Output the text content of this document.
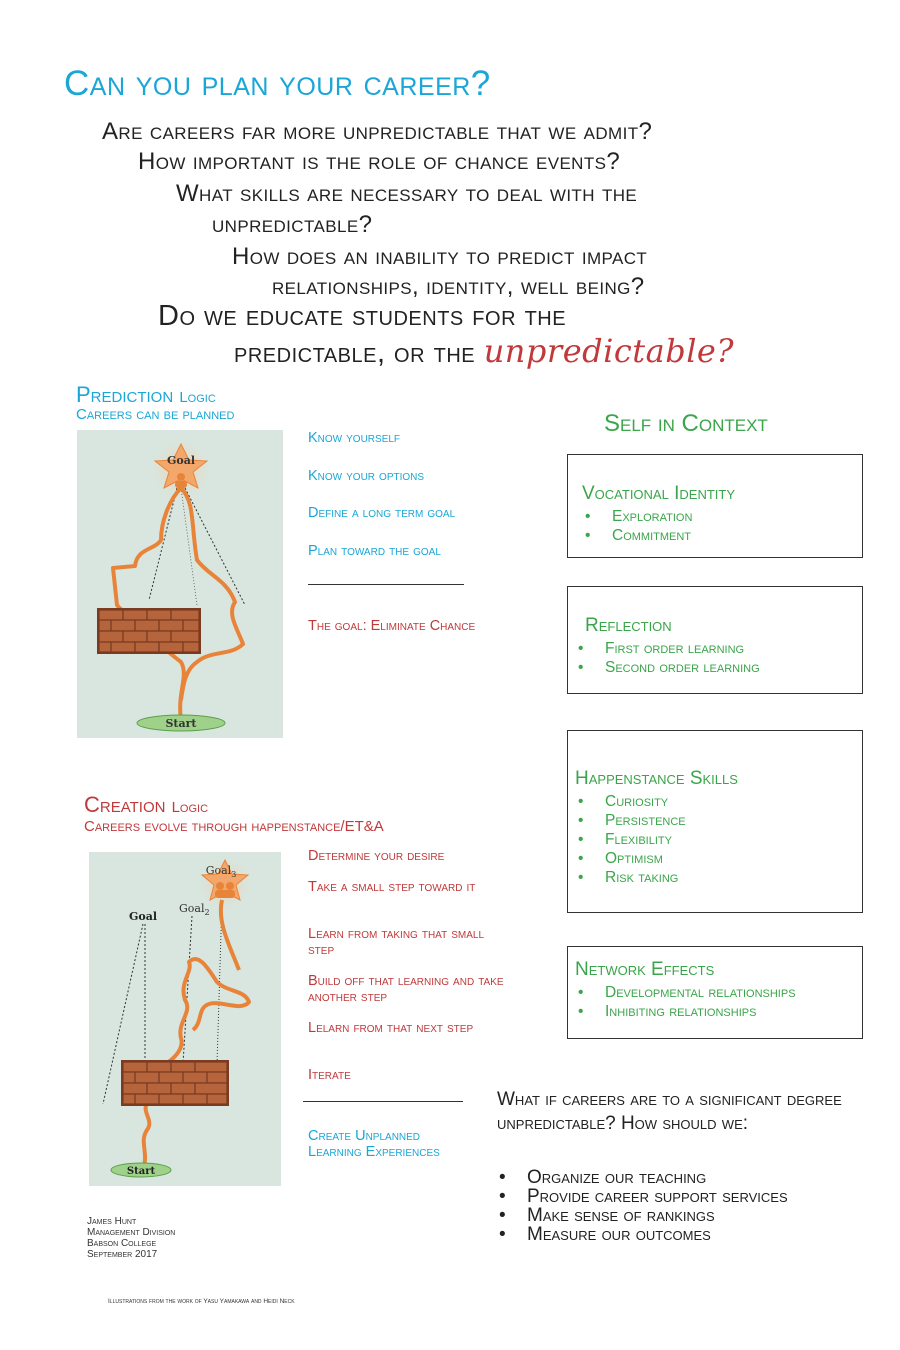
Can you plan your career?
Are careers far more unpredictable that we admit?
How important is the role of chance events?
What skills are necessary to deal with the
unpredictable?
How does an inability to predict impact
relationships, identity, well being?
Do we educate students for the
predictable, or the unpredictable?
Prediction Logic
Careers can be planned
Goal
Start
Know yourself
Know your options
Define a long term goal
Plan toward the goal
The goal: Eliminate Chance
Creation Logic
Careers evolve through happenstance/ET&A
Goal$_3$
Goal
Goal$_2$
Start
Determine your desire
Take a small step toward it
Learn from taking that small step
Build off that learning and take another step
Lelarn from that next step
Iterate
Create Unplanned Learning Experiences
Self in Context
Vocational Identity
• Exploration
• Commitment
Reflection
• First order learning
• Second order learning
Happenstance Skills
• Curiosity
• Persistence
• Flexibility
• Optimism
• Risk taking
Network Effects
• Developmental relationships
• Inhibiting relationships
What if careers are to a significant degree unpredictable? How should we:
• Organize our teaching
• Provide career support services
• Make sense of rankings
• Measure our outcomes
James Hunt
Management Division
Babson College
September 2017
Illustrations from the work of Yasu Yamakawa and Heidi Neck
